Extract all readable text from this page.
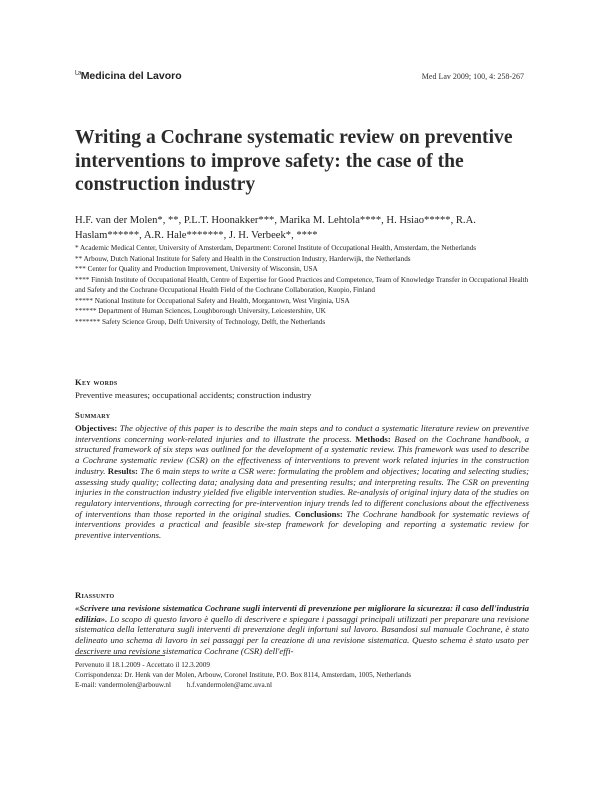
$^{La}$Medicina del Lavoro	Med Lav 2009; 100, 4: 258-267
Writing a Cochrane systematic review on preventive interventions to improve safety: the case of the construction industry
H.F. van der Molen*, **, P.L.T. Hoonakker***, Marika M. Lehtola****, H. Hsiao*****, R.A. Haslam******, A.R. Hale*******, J. H. Verbeek*, ****
* Academic Medical Center, University of Amsterdam, Department: Coronel Institute of Occupational Health, Amsterdam, the Netherlands
** Arbouw, Dutch National Institute for Safety and Health in the Construction Industry, Harderwijk, the Netherlands
*** Center for Quality and Production Improvement, University of Wisconsin, USA
**** Finnish Institute of Occupational Health, Centre of Expertise for Good Practices and Competence, Team of Knowledge Transfer in Occupational Health and Safety and the Cochrane Occupational Health Field of the Cochrane Collaboration, Kuopio, Finland
***** National Institute for Occupational Safety and Health, Morgantown, West Virginia, USA
****** Department of Human Sciences, Loughborough University, Leicestershire, UK
******* Safety Science Group, Delft University of Technology, Delft, the Netherlands
Key words
Preventive measures; occupational accidents; construction industry
Summary
Objectives: The objective of this paper is to describe the main steps and to conduct a systematic literature review on preventive interventions concerning work-related injuries and to illustrate the process. Methods: Based on the Cochrane handbook, a structured framework of six steps was outlined for the development of a systematic review. This framework was used to describe a Cochrane systematic review (CSR) on the effectiveness of interventions to prevent work related injuries in the construction industry. Results: The 6 main steps to write a CSR were: formulating the problem and objectives; locating and selecting studies; assessing study quality; collecting data; analysing data and presenting results; and interpreting results. The CSR on preventing injuries in the construction industry yielded five eligible intervention studies. Re-analysis of original injury data of the studies on regulatory interventions, through correcting for pre-intervention injury trends led to different conclusions about the effectiveness of interventions than those reported in the original studies. Conclusions: The Cochrane handbook for systematic reviews of interventions provides a practical and feasible six-step framework for developing and reporting a systematic review for preventive interventions.
Riassunto
«Scrivere una revisione sistematica Cochrane sugli interventi di prevenzione per migliorare la sicurezza: il caso dell'industria edilizia». Lo scopo di questo lavoro è quello di descrivere e spiegare i passaggi principali utilizzati per preparare una revisione sistematica della letteratura sugli interventi di prevenzione degli infortuni sul lavoro. Basandosi sul manuale Cochrane, è stato delineato uno schema di lavoro in sei passaggi per la creazione di una revisione sistematica. Questo schema è stato usato per descrivere una revisione sistematica Cochrane (CSR) dell'effi-
Pervenuto il 18.1.2009 - Accettato il 12.3.2009
Corrispondenza: Dr. Henk van der Molen, Arbouw, Coronel Institute, P.O. Box 8114, Amsterdam, 1005, Netherlands
E-mail: vandermolen@arbouw.nl h.f.vandermolen@amc.uva.nl
